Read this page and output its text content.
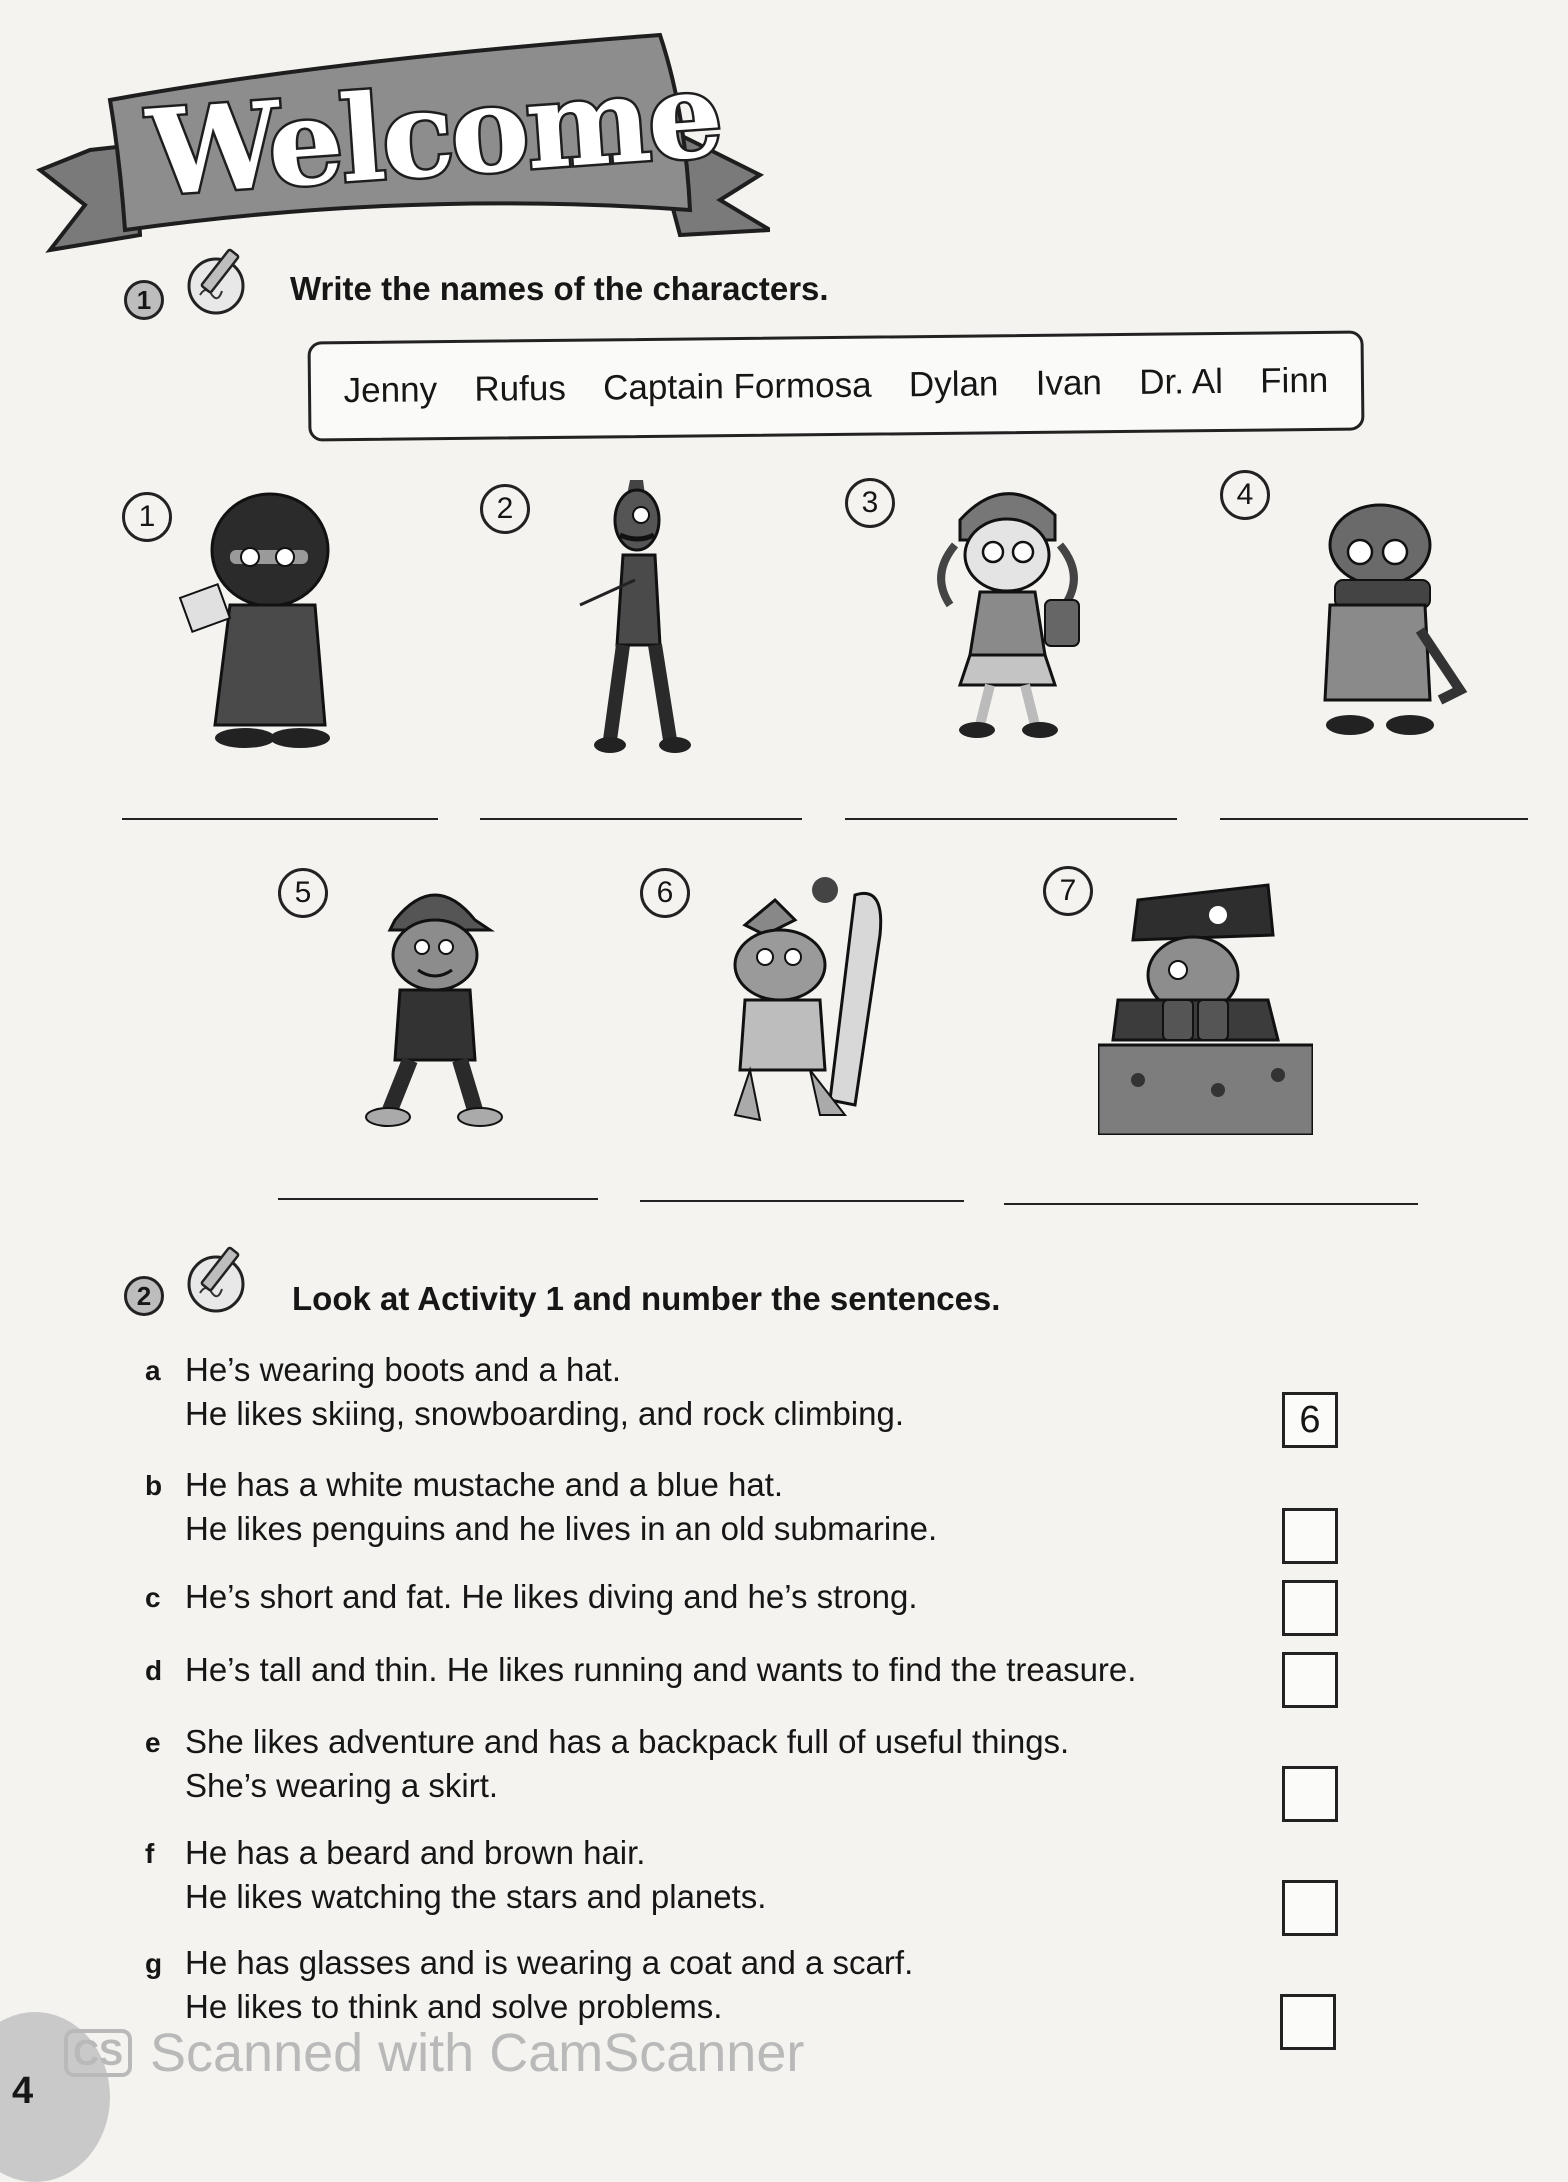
Welcome
1	Write the names of the characters.
Jenny Rufus Captain Formosa Dylan Ivan Dr. Al Finn
1	2	3	4
5	6	7
2	Look at Activity 1 and number the sentences.
a He’s wearing boots and a hat.
He likes skiing, snowboarding, and rock climbing.	6
b He has a white mustache and a blue hat.
He likes penguins and he lives in an old submarine.
c He’s short and fat. He likes diving and he’s strong.
d He’s tall and thin. He likes running and wants to find the treasure.
e She likes adventure and has a backpack full of useful things.
She’s wearing a skirt.
f He has a beard and brown hair.
He likes watching the stars and planets.
g He has glasses and is wearing a coat and a scarf.
He likes to think and solve problems.
4
CS Scanned with CamScanner
